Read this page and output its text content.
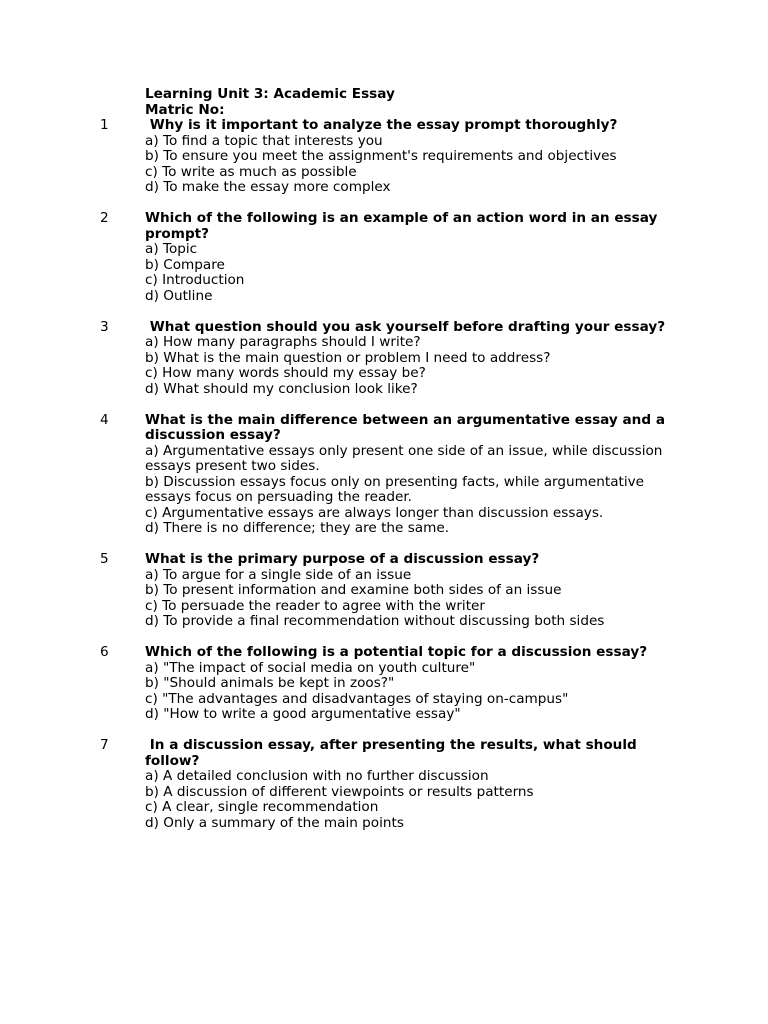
Learning Unit 3: Academic Essay
Matric No:
1	Why is it important to analyze the essay prompt thoroughly?
a) To find a topic that interests you
b) To ensure you meet the assignment's requirements and objectives
c) To write as much as possible
d) To make the essay more complex
2	Which of the following is an example of an action word in an essay prompt?
a) Topic
b) Compare
c) Introduction
d) Outline
3	What question should you ask yourself before drafting your essay?
a) How many paragraphs should I write?
b) What is the main question or problem I need to address?
c) How many words should my essay be?
d) What should my conclusion look like?
4	What is the main difference between an argumentative essay and a discussion essay?
a) Argumentative essays only present one side of an issue, while discussion essays present two sides.
b) Discussion essays focus only on presenting facts, while argumentative essays focus on persuading the reader.
c) Argumentative essays are always longer than discussion essays.
d) There is no difference; they are the same.
5	What is the primary purpose of a discussion essay?
a) To argue for a single side of an issue
b) To present information and examine both sides of an issue
c) To persuade the reader to agree with the writer
d) To provide a final recommendation without discussing both sides
6	Which of the following is a potential topic for a discussion essay?
a) "The impact of social media on youth culture"
b) "Should animals be kept in zoos?"
c) "The advantages and disadvantages of staying on-campus"
d) "How to write a good argumentative essay"
7	In a discussion essay, after presenting the results, what should follow?
a) A detailed conclusion with no further discussion
b) A discussion of different viewpoints or results patterns
c) A clear, single recommendation
d) Only a summary of the main points
